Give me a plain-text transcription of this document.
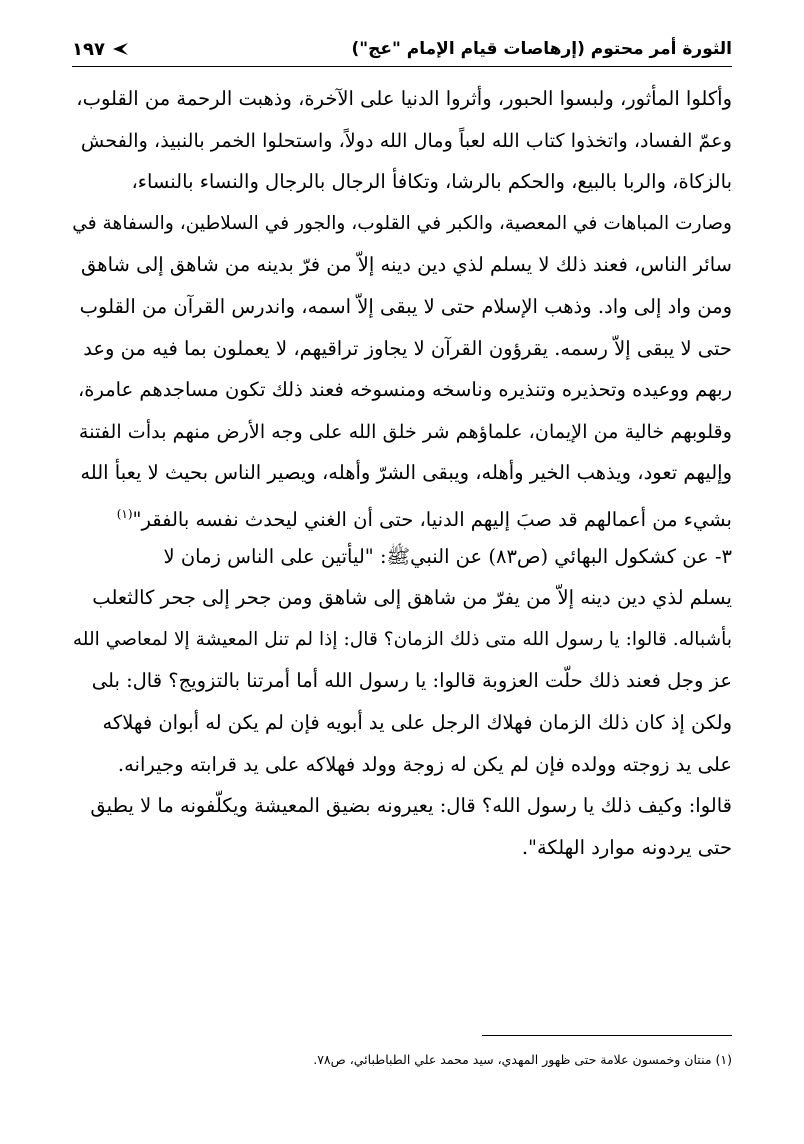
الثورة أمر محتوم (إرهاصات قيام الإمام "عج")
١٩٧
وأكلوا المأثور، ولبسوا الحبور، وأثروا الدنيا على الآخرة، وذهبت الرحمة من القلوب،
وعمّ الفساد، واتخذوا كتاب الله لعباً ومال الله دولاً، واستحلوا الخمر بالنبيذ، والفحش
بالزكاة، والربا بالبيع، والحكم بالرشا، وتكافأ الرجال بالرجال والنساء بالنساء،
وصارت المباهات في المعصية، والكبر في القلوب، والجور في السلاطين، والسفاهة في
سائر الناس، فعند ذلك لا يسلم لذي دين دينه إلاّ من فرّ بدينه من شاهق إلى شاهق
ومن واد إلى واد. وذهب الإسلام حتى لا يبقى إلاّ اسمه، واندرس القرآن من القلوب
حتى لا يبقى إلاّ رسمه. يقرؤون القرآن لا يجاوز تراقيهم، لا يعملون بما فيه من وعد
ربهم ووعيده وتحذيره وتنذيره وناسخه ومنسوخه فعند ذلك تكون مساجدهم عامرة،
وقلوبهم خالية من الإيمان، علماؤهم شر خلق الله على وجه الأرض منهم بدأت الفتنة
وإليهم تعود، ويذهب الخير وأهله، ويبقى الشرّ وأهله، ويصير الناس بحيث لا يعبأ الله
بشيء من أعمالهم قد صبَ إليهم الدنيا، حتى أن الغني ليحدث نفسه بالفقر"$^{(١)}$
٣- عن كشكول البهائي (ص٨٣) عن النبيﷺ: "ليأتين على الناس زمان لا
يسلم لذي دين دينه إلاّ من يفرّ من شاهق إلى شاهق ومن جحر إلى جحر كالثعلب
بأشباله. قالوا: يا رسول الله متى ذلك الزمان؟ قال: إذا لم تنل المعيشة إلا لمعاصي الله
عز وجل فعند ذلك حلّت العزوبة قالوا: يا رسول الله أما أمرتنا بالتزويج؟ قال: بلى
ولكن إذ كان ذلك الزمان فهلاك الرجل على يد أبويه فإن لم يكن له أبوان فهلاكه
على يد زوجته وولده فإن لم يكن له زوجة وولد فهلاكه على يد قرابته وجيرانه.
قالوا: وكيف ذلك يا رسول الله؟ قال: يعيرونه بضيق المعيشة ويكلّفونه ما لا يطيق
حتى يردونه موارد الهلكة".
(١) منتان وخمسون علامة حتى ظهور المهدي، سيد محمد علي الطباطبائي، ص٧٨.
